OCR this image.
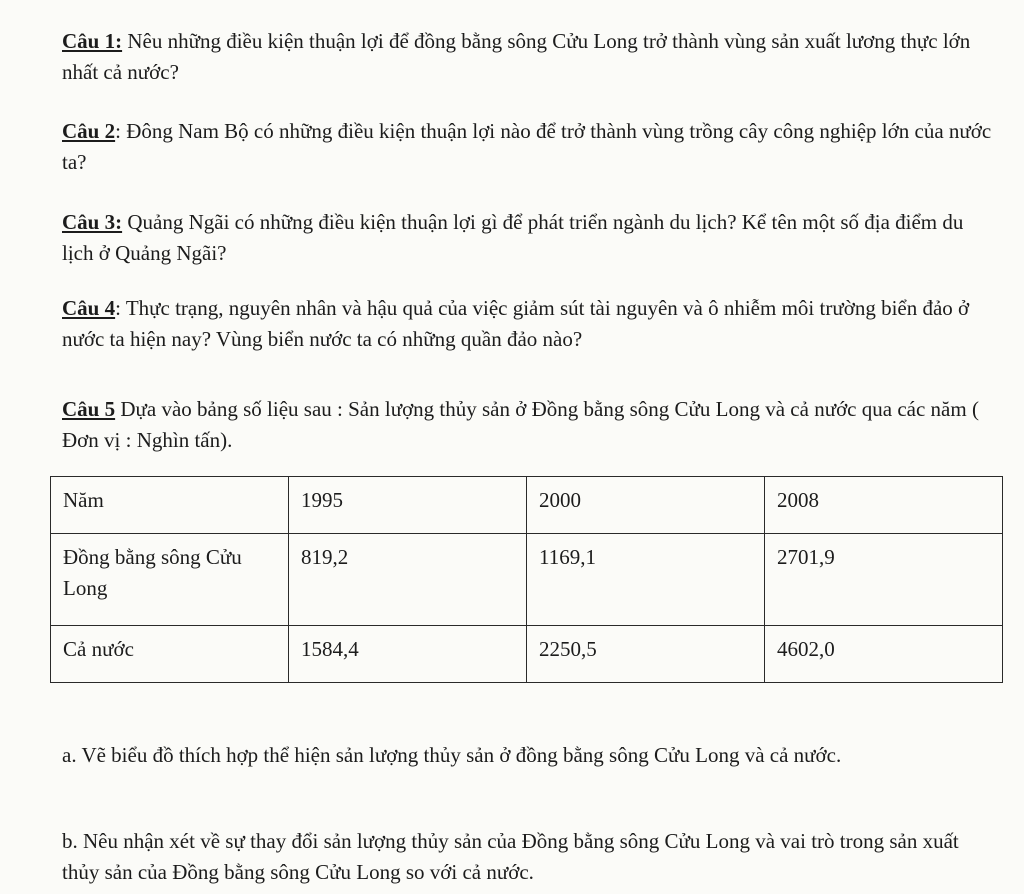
Câu 1: Nêu những điều kiện thuận lợi để đồng bằng sông Cửu Long trở thành vùng sản xuất lương thực lớn nhất cả nước?

Câu 2: Đông Nam Bộ có những điều kiện thuận lợi nào để trở thành vùng trồng cây công nghiệp lớn của nước ta?

Câu 3: Quảng Ngãi có những điều kiện thuận lợi gì để phát triển ngành du lịch? Kể tên một số địa điểm du lịch ở Quảng Ngãi?

Câu 4: Thực trạng, nguyên nhân và hậu quả của việc giảm sút tài nguyên và ô nhiễm môi trường biển đảo ở nước ta hiện nay? Vùng biển nước ta có những quần đảo nào?

Câu 5 Dựa vào bảng số liệu sau : Sản lượng thủy sản ở Đồng bằng sông Cửu Long và cả nước qua các năm ( Đơn vị : Nghìn tấn).

Năm	1995	2000	2008
Đồng bằng sông Cửu Long	819,2	1169,1	2701,9
Cả nước	1584,4	2250,5	4602,0

a. Vẽ biểu đồ thích hợp thể hiện sản lượng thủy sản ở đồng bằng sông Cửu Long và cả nước.

b. Nêu nhận xét về sự thay đổi sản lượng thủy sản của Đồng bằng sông Cửu Long và vai trò trong sản xuất thủy sản của Đồng bằng sông Cửu Long so với cả nước.
